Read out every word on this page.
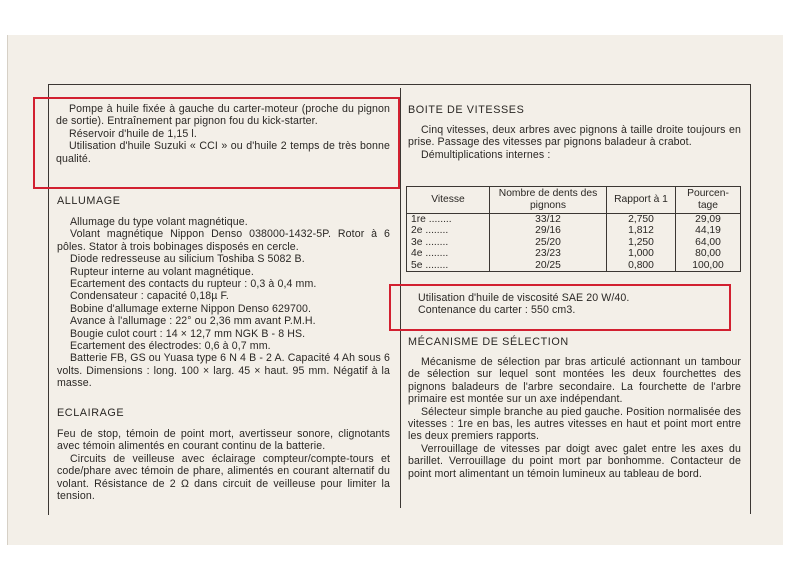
Pompe à huile fixée à gauche du carter-moteur (proche du pignon de sortie). Entraînement par pignon fou du kick-starter.

Réservoir d'huile de 1,15 l.

Utilisation d'huile Suzuki « CCI » ou d'huile 2 temps de très bonne qualité.

ALLUMAGE

Allumage du type volant magnétique.

Volant magnétique Nippon Denso 038000-1432-5P. Rotor à 6 pôles. Stator à trois bobinages disposés en cercle.

Diode redresseuse au silicium Toshiba S 5082 B.

Rupteur interne au volant magnétique.

Ecartement des contacts du rupteur : 0,3 à 0,4 mm.

Condensateur : capacité 0,18µ F.

Bobine d'allumage externe Nippon Denso 629700.

Avance à l'allumage : 22° ou 2,36 mm avant P.M.H.

Bougie culot court : 14 × 12,7 mm NGK B - 8 HS.

Ecartement des électrodes: 0,6 à 0,7 mm.

Batterie FB, GS ou Yuasa type 6 N 4 B - 2 A. Capacité 4 Ah sous 6 volts. Dimensions : long. 100 × larg. 45 × haut. 95 mm. Négatif à la masse.

ECLAIRAGE

Feu de stop, témoin de point mort, avertisseur sonore, clignotants avec témoin alimentés en courant continu de la batterie.

Circuits de veilleuse avec éclairage compteur/compte-tours et code/phare avec témoin de phare, alimentés en courant alternatif du volant. Résistance de 2 Ω dans circuit de veilleuse pour limiter la tension.

BOITE DE VITESSES

Cinq vitesses, deux arbres avec pignons à taille droite toujours en prise. Passage des vitesses par pignons baladeur à crabot.

Démultiplications internes :

Vitesse	Nombre de dents des pignons	Rapport à 1	Pourcen-tage
1re ........	33/12	2,750	29,09
2e ........	29/16	1,812	44,19
3e ........	25/20	1,250	64,00
4e ........	23/23	1,000	80,00
5e ........	20/25	0,800	100,00

Utilisation d'huile de viscosité SAE 20 W/40.

Contenance du carter : 550 cm3.

MÉCANISME DE SÉLECTION

Mécanisme de sélection par bras articulé actionnant un tambour de sélection sur lequel sont montées les deux fourchettes des pignons baladeurs de l'arbre secondaire. La fourchette de l'arbre primaire est montée sur un axe indépendant.

Sélecteur simple branche au pied gauche. Position normalisée des vitesses : 1re en bas, les autres vitesses en haut et point mort entre les deux premiers rapports.

Verrouillage de vitesses par doigt avec galet entre les axes du barillet. Verrouillage du point mort par bonhomme. Contacteur de point mort alimentant un témoin lumineux au tableau de bord.
